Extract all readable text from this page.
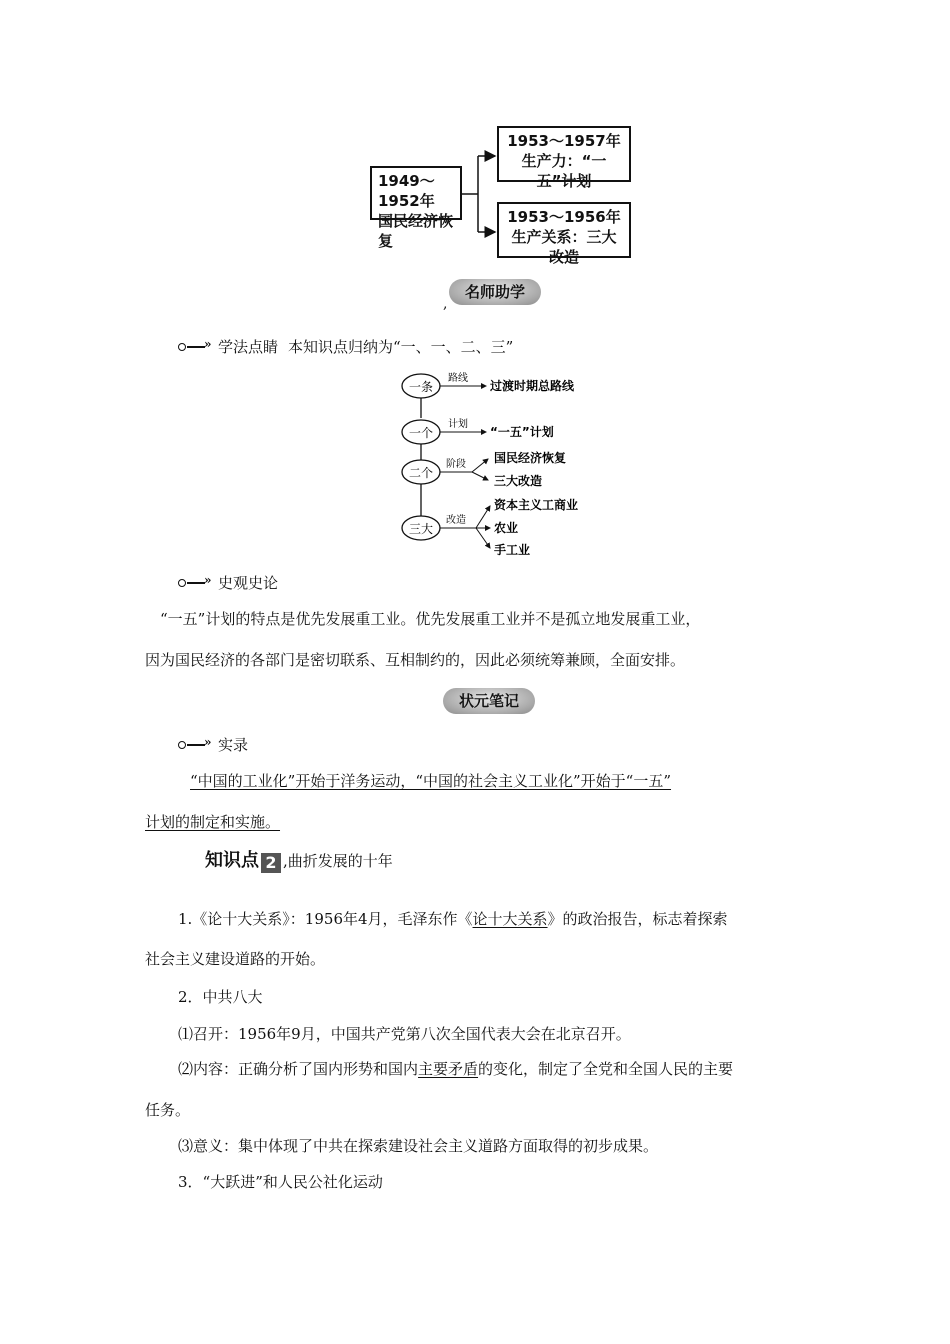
1949～1952年
国民经济恢复
1953～1957年
生产力：“一五”计划
1953～1956年
生产关系：三大改造
名师助学
,
» 学法点睛 本知识点归纳为“一、一、二、三”
一条
一个
二个
三大
路线
计划
阶段
改造
过渡时期总路线
“一五”计划
国民经济恢复
三大改造
资本主义工商业
农业
手工业
» 史观史论
“一五”计划的特点是优先发展重工业。优先发展重工业并不是孤立地发展重工业，
因为国民经济的各部门是密切联系、互相制约的，因此必须统筹兼顾，全面安排。
状元笔记
» 实录
“中国的工业化”开始于洋务运动，“中国的社会主义工业化”开始于“一五”
计划的制定和实施。
知识点 2 ,曲折发展的十年
1.《论十大关系》：1956年4月，毛泽东作《论十大关系》的政治报告，标志着探索
社会主义建设道路的开始。
2．中共八大
⑴召开：1956年9月，中国共产党第八次全国代表大会在北京召开。
⑵内容：正确分析了国内形势和国内主要矛盾的变化，制定了全党和全国人民的主要
任务。
⑶意义：集中体现了中共在探索建设社会主义道路方面取得的初步成果。
3．“大跃进”和人民公社化运动
